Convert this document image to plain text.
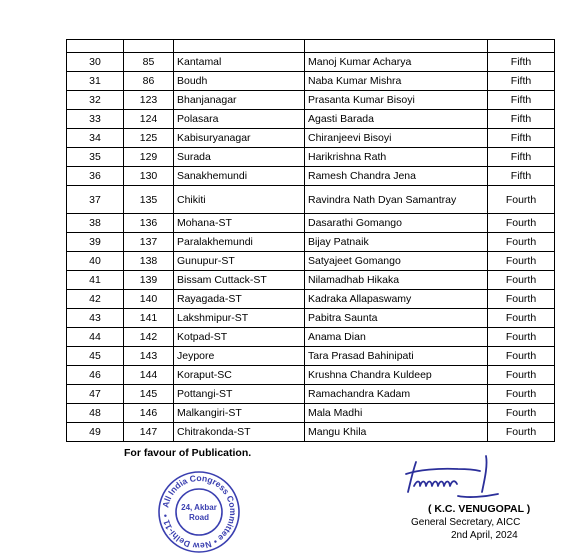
30	85	Kantamal	Manoj Kumar Acharya	Fifth
31	86	Boudh	Naba Kumar Mishra	Fifth
32	123	Bhanjanagar	Prasanta Kumar Bisoyi	Fifth
33	124	Polasara	Agasti Barada	Fifth
34	125	Kabisuryanagar	Chiranjeevi Bisoyi	Fifth
35	129	Surada	Harikrishna Rath	Fifth
36	130	Sanakhemundi	Ramesh Chandra Jena	Fifth
37	135	Chikiti	Ravindra Nath Dyan Samantray	Fourth
38	136	Mohana-ST	Dasarathi Gomango	Fourth
39	137	Paralakhemundi	Bijay Patnaik	Fourth
40	138	Gunupur-ST	Satyajeet Gomango	Fourth
41	139	Bissam Cuttack-ST	Nilamadhab Hikaka	Fourth
42	140	Rayagada-ST	Kadraka Allapaswamy	Fourth
43	141	Lakshmipur-ST	Pabitra Saunta	Fourth
44	142	Kotpad-ST	Anama Dian	Fourth
45	143	Jeypore	Tara Prasad Bahinipati	Fourth
46	144	Koraput-SC	Krushna Chandra Kuldeep	Fourth
47	145	Pottangi-ST	Ramachandra Kadam	Fourth
48	146	Malkangiri-ST	Mala Madhi	Fourth
49	147	Chitrakonda-ST	Mangu Khila	Fourth
For favour of Publication.
All India Congress Committee • New Delhi-11 •
24, Akbar
Road
( K.C. VENUGOPAL )
General Secretary, AICC
2nd April, 2024
